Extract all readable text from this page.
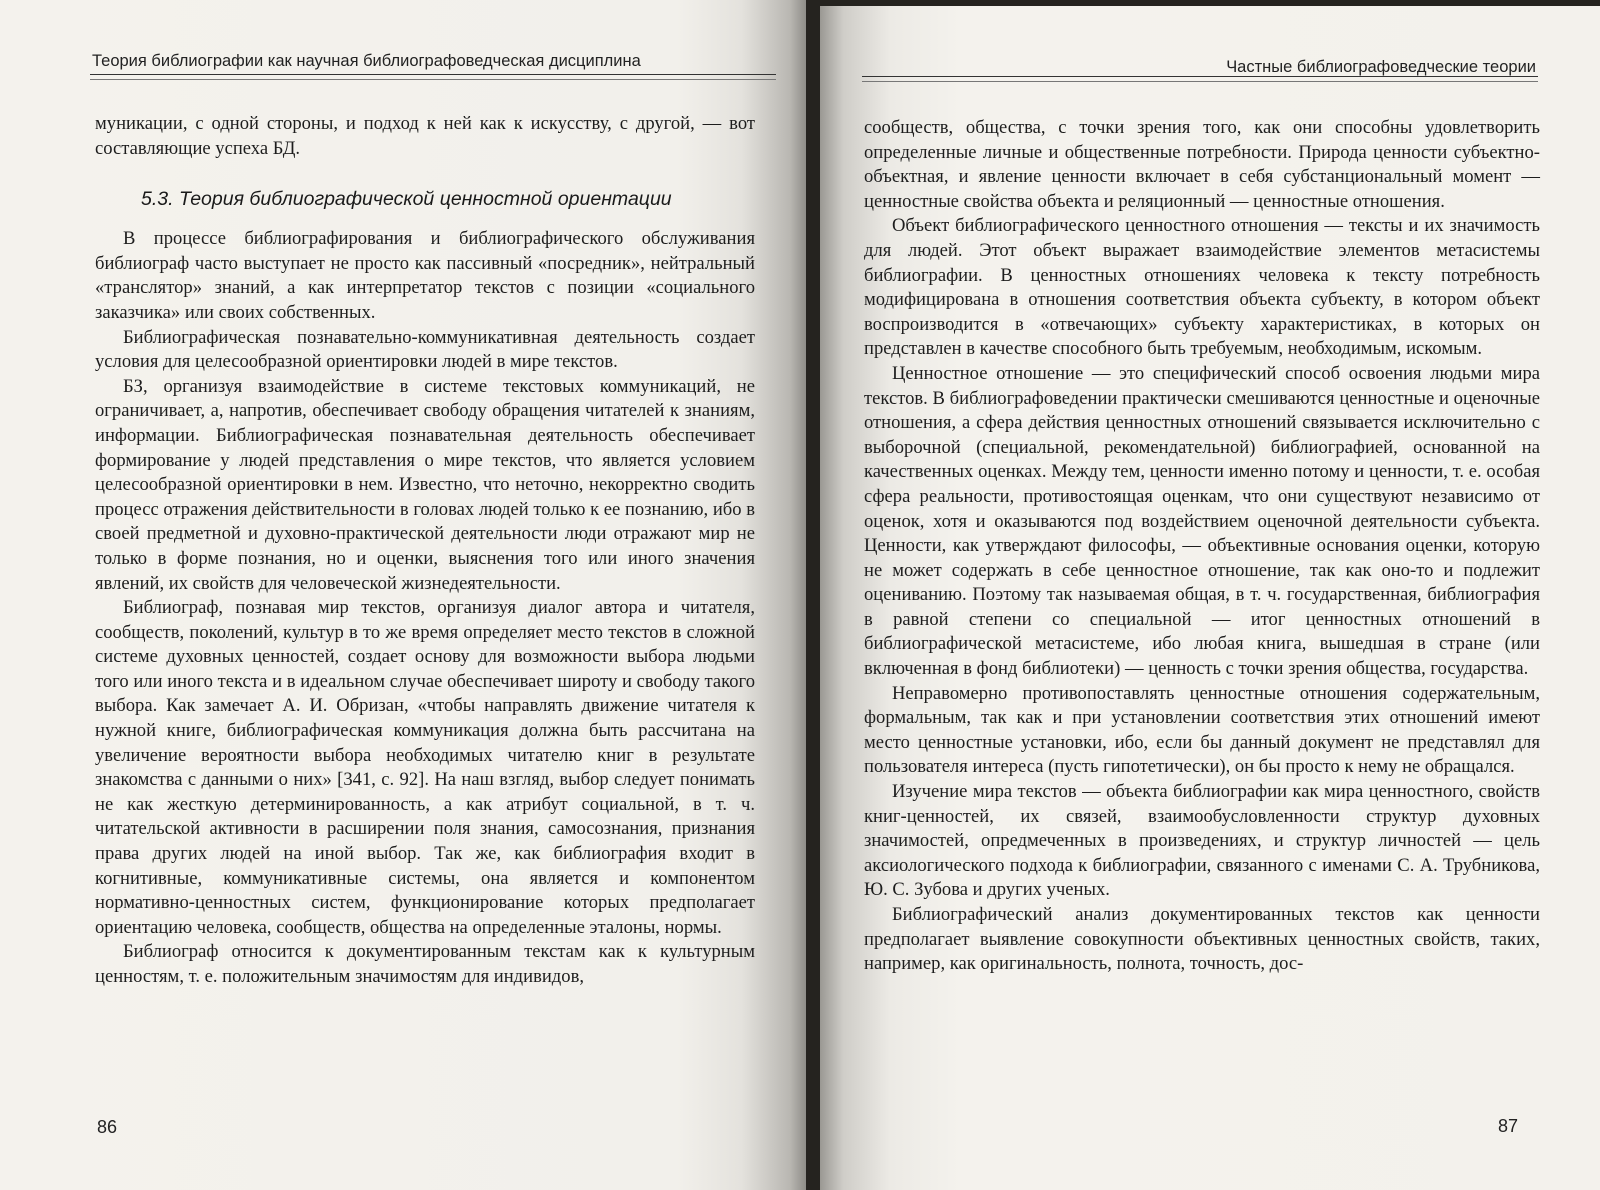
Теория библиографии как научная библиографоведческая дисциплина

муникации, с одной стороны, и подход к ней как к искусству, с другой, — вот составляющие успеха БД.

5.3. Теория библиографической ценностной ориентации

В процессе библиографирования и библиографического обслуживания библиограф часто выступает не просто как пассивный «посредник», нейтральный «транслятор» знаний, а как интерпретатор текстов с позиции «социального заказчика» или своих собственных.

Библиографическая познавательно-коммуникативная деятельность создает условия для целесообразной ориентировки людей в мире текстов.

БЗ, организуя взаимодействие в системе текстовых коммуникаций, не ограничивает, а, напротив, обеспечивает свободу обращения читателей к знаниям, информации. Библиографическая познавательная деятельность обеспечивает формирование у людей представления о мире текстов, что является условием целесообразной ориентировки в нем. Известно, что неточно, некорректно сводить процесс отражения действительности в головах людей только к ее познанию, ибо в своей предметной и духовно-практической деятельности люди отражают мир не только в форме познания, но и оценки, выяснения того или иного значения явлений, их свойств для человеческой жизнедеятельности.

Библиограф, познавая мир текстов, организуя диалог автора и читателя, сообществ, поколений, культур в то же время определяет место текстов в сложной системе духовных ценностей, создает основу для возможности выбора людьми того или иного текста и в идеальном случае обеспечивает широту и свободу такого выбора. Как замечает А. И. Обризан, «чтобы направлять движение читателя к нужной книге, библиографическая коммуникация должна быть рассчитана на увеличение вероятности выбора необходимых читателю книг в результате знакомства с данными о них» [341, с. 92]. На наш взгляд, выбор следует понимать не как жесткую детерминированность, а как атрибут социальной, в т. ч. читательской активности в расширении поля знания, самосознания, признания права других людей на иной выбор. Так же, как библиография входит в когнитивные, коммуникативные системы, она является и компонентом нормативно-ценностных систем, функционирование которых предполагает ориентацию человека, сообществ, общества на определенные эталоны, нормы.

Библиограф относится к документированным текстам как к культурным ценностям, т. е. положительным значимостям для индивидов,

86
Частные библиографоведческие теории

сообществ, общества, с точки зрения того, как они способны удовлетворить определенные личные и общественные потребности. Природа ценности субъектно-объектная, и явление ценности включает в себя субстанциональный момент — ценностные свойства объекта и реляционный — ценностные отношения.

Объект библиографического ценностного отношения — тексты и их значимость для людей. Этот объект выражает взаимодействие элементов метасистемы библиографии. В ценностных отношениях человека к тексту потребность модифицирована в отношения соответствия объекта субъекту, в котором объект воспроизводится в «отвечающих» субъекту характеристиках, в которых он представлен в качестве способного быть требуемым, необходимым, искомым.

Ценностное отношение — это специфический способ освоения людьми мира текстов. В библиографоведении практически смешиваются ценностные и оценочные отношения, а сфера действия ценностных отношений связывается исключительно с выборочной (специальной, рекомендательной) библиографией, основанной на качественных оценках. Между тем, ценности именно потому и ценности, т. е. особая сфера реальности, противостоящая оценкам, что они существуют независимо от оценок, хотя и оказываются под воздействием оценочной деятельности субъекта. Ценности, как утверждают философы, — объективные основания оценки, которую не может содержать в себе ценностное отношение, так как оно-то и подлежит оцениванию. Поэтому так называемая общая, в т. ч. государственная, библиография в равной степени со специальной — итог ценностных отношений в библиографической метасистеме, ибо любая книга, вышедшая в стране (или включенная в фонд библиотеки) — ценность с точки зрения общества, государства.

Неправомерно противопоставлять ценностные отношения содержательным, формальным, так как и при установлении соответствия этих отношений имеют место ценностные установки, ибо, если бы данный документ не представлял для пользователя интереса (пусть гипотетически), он бы просто к нему не обращался.

Изучение мира текстов — объекта библиографии как мира ценностного, свойств книг-ценностей, их связей, взаимообусловленности структур духовных значимостей, опредмеченных в произведениях, и структур личностей — цель аксиологического подхода к библиографии, связанного с именами С. А. Трубникова, Ю. С. Зубова и других ученых.

Библиографический анализ документированных текстов как ценности предполагает выявление совокупности объективных ценностных свойств, таких, например, как оригинальность, полнота, точность, дос-

87
